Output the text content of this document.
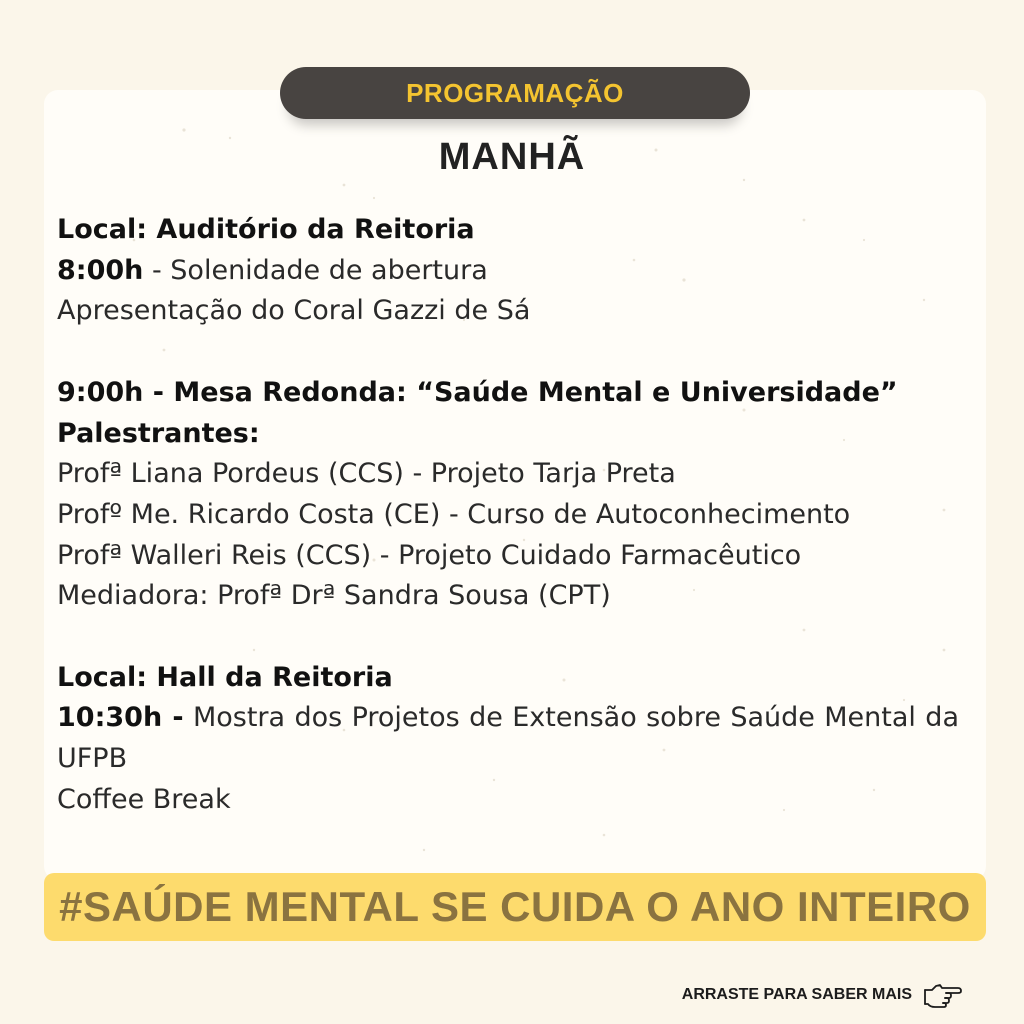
PROGRAMAÇÃO
MANHÃ
Local: Auditório da Reitoria
8:00h - Solenidade de abertura
Apresentação do Coral Gazzi de Sá
9:00h - Mesa Redonda: “Saúde Mental e Universidade”
Palestrantes:
Profª Liana Pordeus (CCS) - Projeto Tarja Preta
Profº Me. Ricardo Costa (CE) - Curso de Autoconhecimento
Profª Walleri Reis (CCS) - Projeto Cuidado Farmacêutico
Mediadora: Profª Drª Sandra Sousa (CPT)
Local: Hall da Reitoria
10:30h - Mostra dos Projetos de Extensão sobre Saúde Mental da UFPB
Coffee Break
#SAÚDE MENTAL SE CUIDA O ANO INTEIRO
ARRASTE PARA SABER MAIS
